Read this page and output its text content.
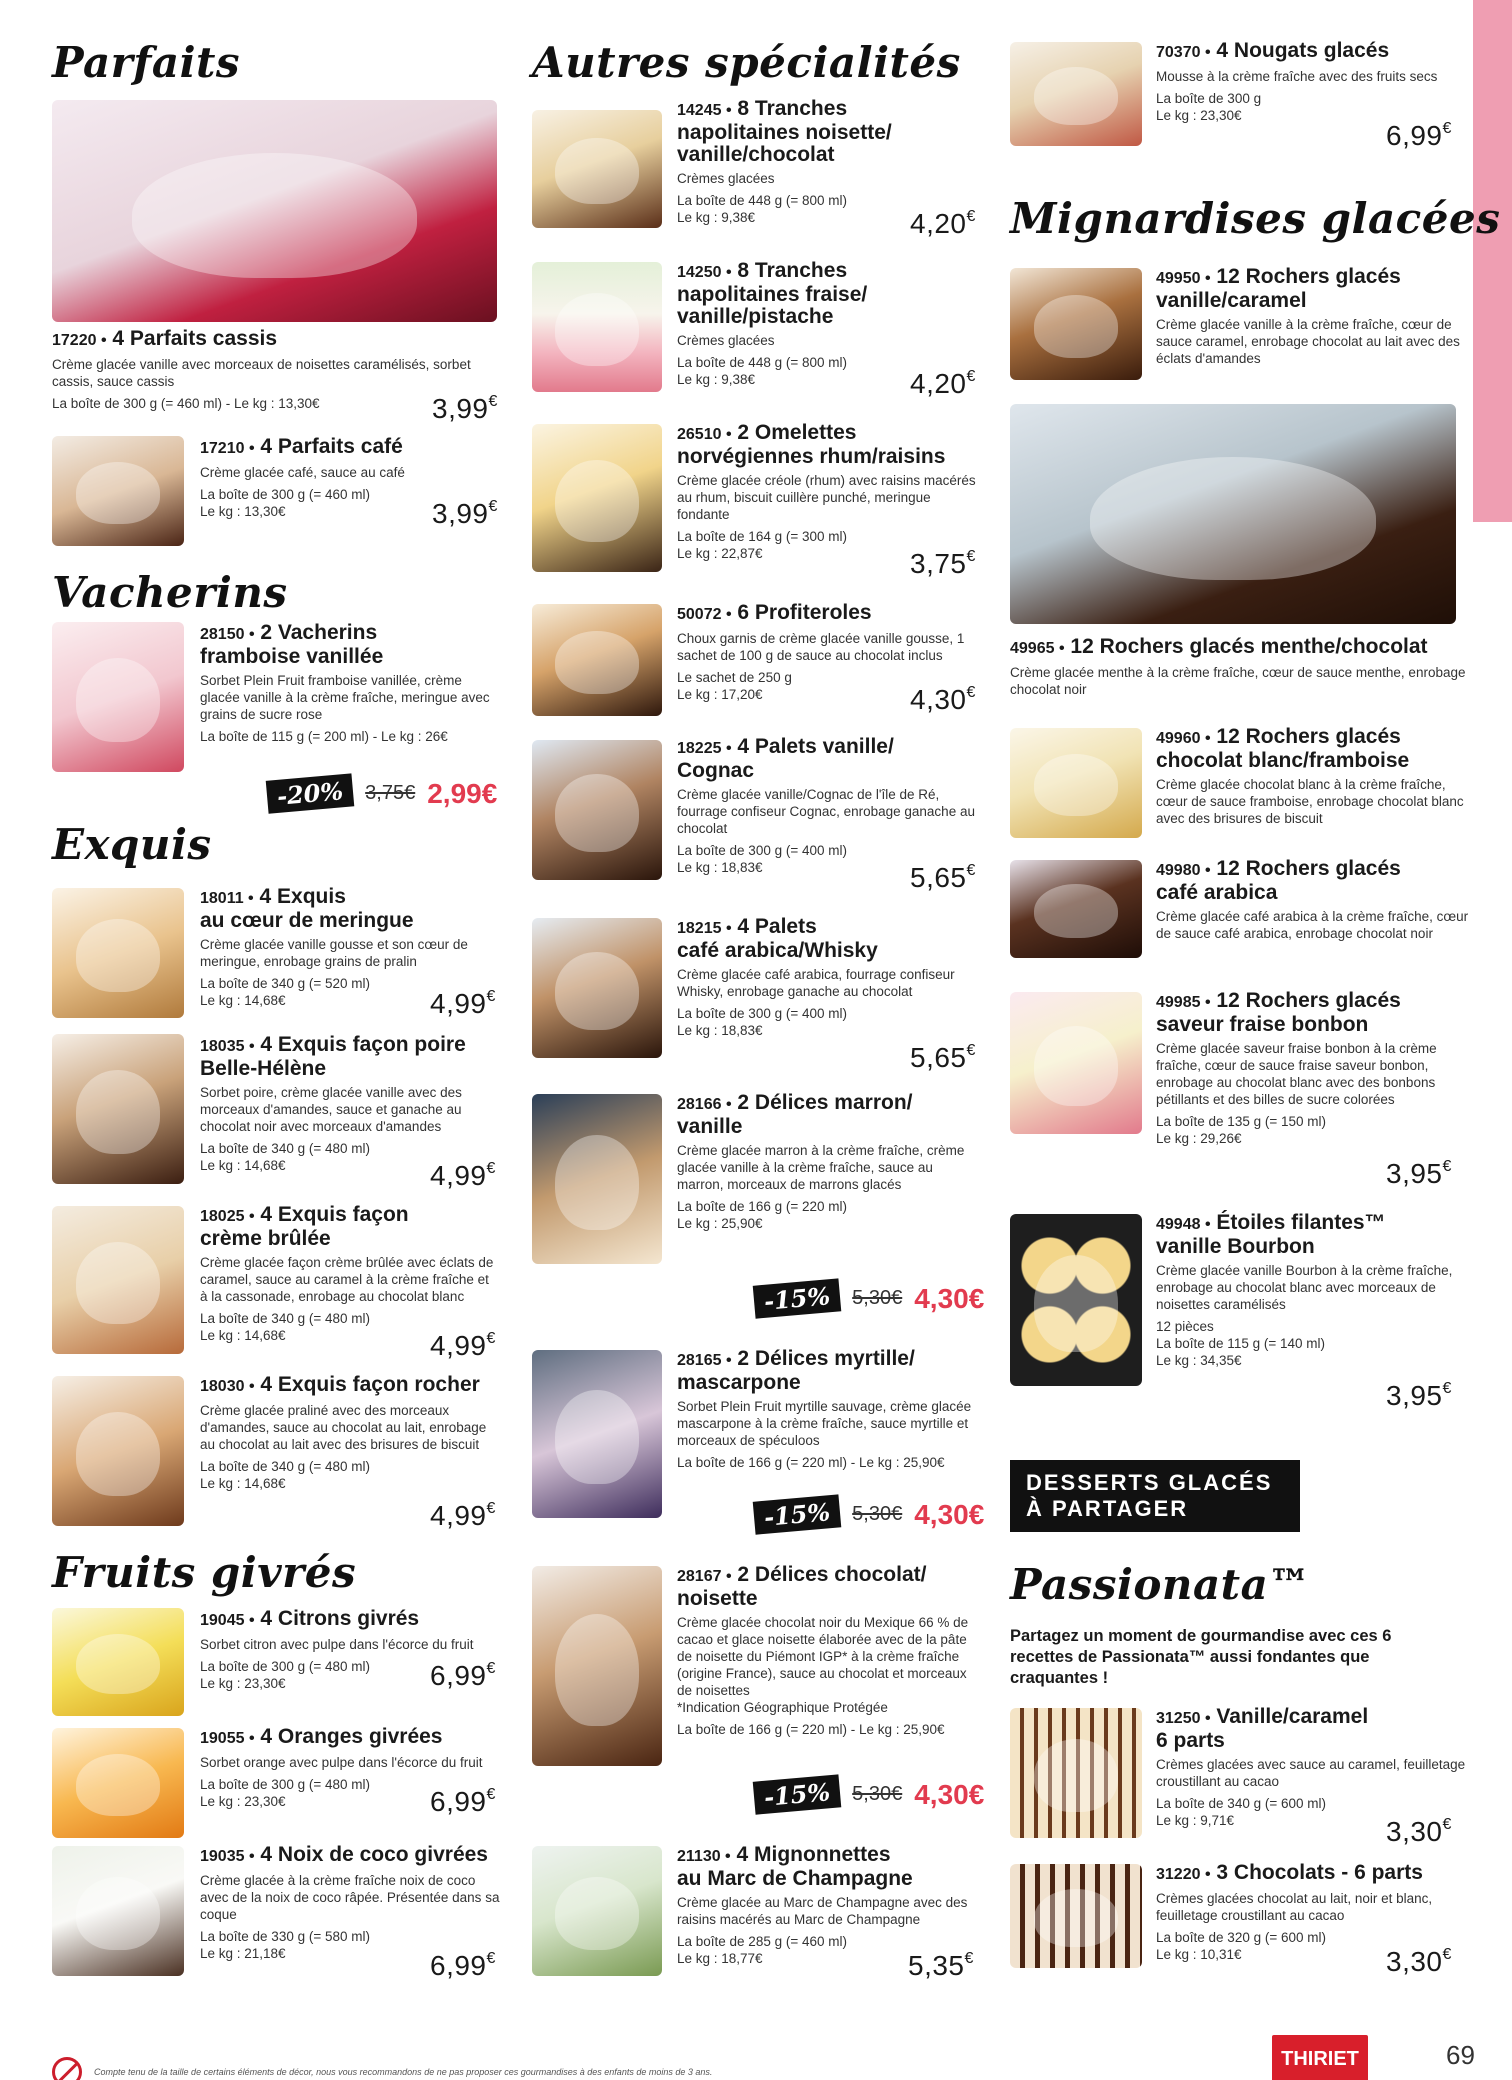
Parfaits
17220 • 4 Parfaits cassis
Crème glacée vanille avec morceaux de noisettes caramélisés, sorbet cassis, sauce cassis
La boîte de 300 g (= 460 ml) - Le kg : 13,30€	3,99€
17210 • 4 Parfaits café
Crème glacée café, sauce au café
La boîte de 300 g (= 460 ml)
Le kg : 13,30€	3,99€
Vacherins
28150 • 2 Vacherins
framboise vanillée
Sorbet Plein Fruit framboise vanillée, crème glacée vanille à la crème fraîche, meringue avec grains de sucre rose
La boîte de 115 g (= 200 ml) - Le kg : 26€
-20%	3,75€ 2,99€
Exquis
18011 • 4 Exquis
au cœur de meringue
Crème glacée vanille gousse et son cœur de meringue, enrobage grains de pralin
La boîte de 340 g (= 520 ml)
Le kg : 14,68€	4,99€
18035 • 4 Exquis façon poire
Belle-Hélène
Sorbet poire, crème glacée vanille avec des morceaux d'amandes, sauce et ganache au chocolat noir avec morceaux d'amandes
La boîte de 340 g (= 480 ml)
Le kg : 14,68€	4,99€
18025 • 4 Exquis façon
crème brûlée
Crème glacée façon crème brûlée avec éclats de caramel, sauce au caramel à la crème fraîche et à la cassonade, enrobage au chocolat blanc
La boîte de 340 g (= 480 ml)
Le kg : 14,68€	4,99€
18030 • 4 Exquis façon rocher
Crème glacée praliné avec des morceaux d'amandes, sauce au chocolat au lait, enrobage au chocolat au lait avec des brisures de biscuit
La boîte de 340 g (= 480 ml)
Le kg : 14,68€
4,99€
Fruits givrés
19045 • 4 Citrons givrés
Sorbet citron avec pulpe dans l'écorce du fruit
La boîte de 300 g (= 480 ml)
Le kg : 23,30€	6,99€
19055 • 4 Oranges givrées
Sorbet orange avec pulpe dans l'écorce du fruit
La boîte de 300 g (= 480 ml)
Le kg : 23,30€	6,99€
19035 • 4 Noix de coco givrées
Crème glacée à la crème fraîche noix de coco avec de la noix de coco râpée. Présentée dans sa coque
La boîte de 330 g (= 580 ml)
Le kg : 21,18€	6,99€
Autres spécialités
14245 • 8 Tranches
napolitaines noisette/
vanille/chocolat
Crèmes glacées
La boîte de 448 g (= 800 ml)
Le kg : 9,38€	4,20€
14250 • 8 Tranches
napolitaines fraise/
vanille/pistache
Crèmes glacées
La boîte de 448 g (= 800 ml)
Le kg : 9,38€	4,20€
26510 • 2 Omelettes
norvégiennes rhum/raisins
Crème glacée créole (rhum) avec raisins macérés au rhum, biscuit cuillère punché, meringue fondante
La boîte de 164 g (= 300 ml)
Le kg : 22,87€	3,75€
50072 • 6 Profiteroles
Choux garnis de crème glacée vanille gousse, 1 sachet de 100 g de sauce au chocolat inclus
Le sachet de 250 g
Le kg : 17,20€	4,30€
18225 • 4 Palets vanille/
Cognac
Crème glacée vanille/Cognac de l'île de Ré, fourrage confiseur Cognac, enrobage ganache au chocolat
La boîte de 300 g (= 400 ml)
Le kg : 18,83€	5,65€
18215 • 4 Palets
café arabica/Whisky
Crème glacée café arabica, fourrage confiseur Whisky, enrobage ganache au chocolat
La boîte de 300 g (= 400 ml)
Le kg : 18,83€
5,65€
28166 • 2 Délices marron/
vanille
Crème glacée marron à la crème fraîche, crème glacée vanille à la crème fraîche, sauce au marron, morceaux de marrons glacés
La boîte de 166 g (= 220 ml)
Le kg : 25,90€
-15%	5,30€ 4,30€
28165 • 2 Délices myrtille/
mascarpone
Sorbet Plein Fruit myrtille sauvage, crème glacée mascarpone à la crème fraîche, sauce myrtille et morceaux de spéculoos
La boîte de 166 g (= 220 ml) - Le kg : 25,90€
-15%	5,30€ 4,30€
28167 • 2 Délices chocolat/
noisette
Crème glacée chocolat noir du Mexique 66 % de cacao et glace noisette élaborée avec de la pâte de noisette du Piémont IGP* à la crème fraîche (origine France), sauce au chocolat et morceaux de noisettes
*Indication Géographique Protégée
La boîte de 166 g (= 220 ml) - Le kg : 25,90€
-15%	5,30€ 4,30€
21130 • 4 Mignonnettes
au Marc de Champagne
Crème glacée au Marc de Champagne avec des raisins macérés au Marc de Champagne
La boîte de 285 g (= 460 ml)
Le kg : 18,77€	5,35€
70370 • 4 Nougats glacés
Mousse à la crème fraîche avec des fruits secs
La boîte de 300 g
Le kg : 23,30€
6,99€
Mignardises glacées
49950 • 12 Rochers glacés
vanille/caramel
Crème glacée vanille à la crème fraîche, cœur de sauce caramel, enrobage chocolat au lait avec des éclats d'amandes
49965 • 12 Rochers glacés menthe/chocolat
Crème glacée menthe à la crème fraîche, cœur de sauce menthe, enrobage chocolat noir
49960 • 12 Rochers glacés
chocolat blanc/framboise
Crème glacée chocolat blanc à la crème fraîche, cœur de sauce framboise, enrobage chocolat blanc avec des brisures de biscuit
49980 • 12 Rochers glacés
café arabica
Crème glacée café arabica à la crème fraîche, cœur de sauce café arabica, enrobage chocolat noir
49985 • 12 Rochers glacés
saveur fraise bonbon
Crème glacée saveur fraise bonbon à la crème fraîche, cœur de sauce fraise saveur bonbon, enrobage au chocolat blanc avec des bonbons pétillants et des billes de sucre colorées
La boîte de 135 g (= 150 ml)
Le kg : 29,26€
3,95€
49948 • Étoiles filantes™
vanille Bourbon
Crème glacée vanille Bourbon à la crème fraîche, enrobage au chocolat blanc avec morceaux de noisettes caramélisés
12 pièces
La boîte de 115 g (= 140 ml)
Le kg : 34,35€
3,95€
DESSERTS GLACÉS
À PARTAGER
Passionata™
Partagez un moment de gourmandise avec ces 6 recettes de Passionata™ aussi fondantes que craquantes !
31250 • Vanille/caramel
6 parts
Crèmes glacées avec sauce au caramel, feuilletage croustillant au cacao
La boîte de 340 g (= 600 ml)
Le kg : 9,71€	3,30€
31220 • 3 Chocolats - 6 parts
Crèmes glacées chocolat au lait, noir et blanc, feuilletage croustillant au cacao
La boîte de 320 g (= 600 ml)
Le kg : 10,31€	3,30€
Compte tenu de la taille de certains éléments de décor, nous vous recommandons de ne pas proposer ces gourmandises à des enfants de moins de 3 ans.
THIRIET	69
